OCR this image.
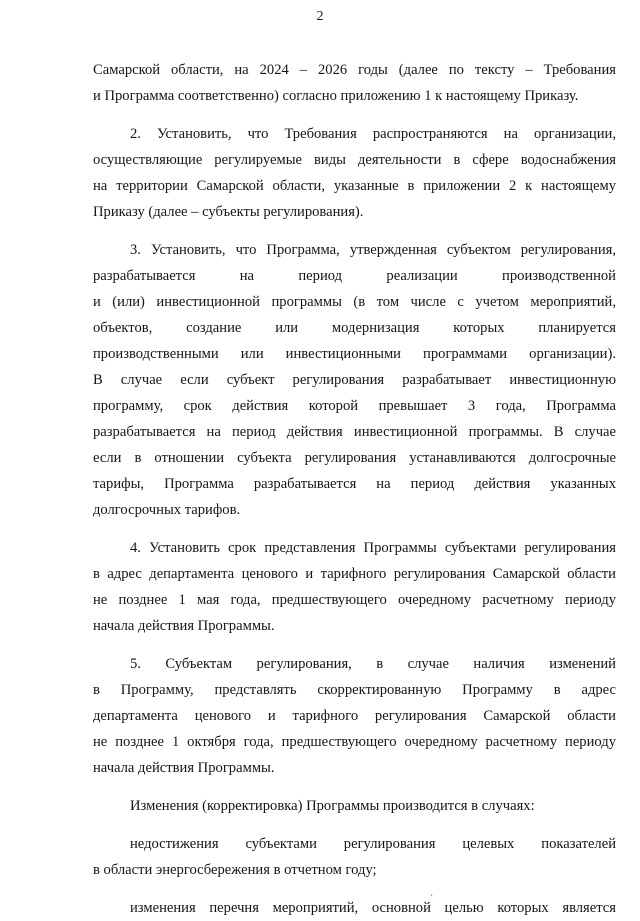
2
Самарской области, на 2024 – 2026 годы (далее по тексту – Требования
и Программа соответственно) согласно приложению 1 к настоящему Приказу.
2. Установить, что Требования распространяются на организации,
осуществляющие регулируемые виды деятельности в сфере водоснабжения
на территории Самарской области, указанные в приложении 2 к настоящему
Приказу (далее – субъекты регулирования).
3. Установить, что Программа, утвержденная субъектом регулирования,
разрабатывается на период реализации производственной
и (или) инвестиционной программы (в том числе с учетом мероприятий,
объектов, создание или модернизация которых планируется
производственными или инвестиционными программами организации).
В случае если субъект регулирования разрабатывает инвестиционную
программу, срок действия которой превышает 3 года, Программа
разрабатывается на период действия инвестиционной программы. В случае
если в отношении субъекта регулирования устанавливаются долгосрочные
тарифы, Программа разрабатывается на период действия указанных
долгосрочных тарифов.
4. Установить срок представления Программы субъектами регулирования
в адрес департамента ценового и тарифного регулирования Самарской области
не позднее 1 мая года, предшествующего очередному расчетному периоду
начала действия Программы.
5. Субъектам регулирования, в случае наличия изменений
в Программу, представлять скорректированную Программу в адрес
департамента ценового и тарифного регулирования Самарской области
не позднее 1 октября года, предшествующего очередному расчетному периоду
начала действия Программы.
Изменения (корректировка) Программы производится в случаях:
недостижения субъектами регулирования целевых показателей
в области энергосбережения в отчетном году;
изменения перечня мероприятий, основной целью которых является
ˎ
